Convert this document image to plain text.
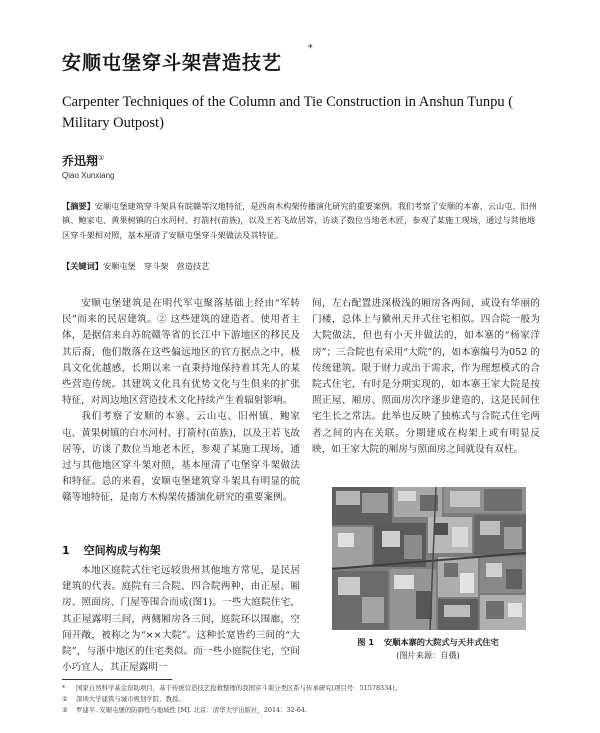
安顺屯堡穿斗架营造技艺
*
Carpenter Techniques of the Column and Tie Construction in Anshun Tunpu ( Military Outpost)
乔迅翔①
Qiao Xunxiang
【摘要】安顺屯堡建筑穿斗架具有皖赣等汉地特征，是西南木构架传播演化研究的重要案例。我们考察了安顺的本寨、云山屯、旧州镇、鲍家屯、黄果树镇的白水河村、打箭村(苗族)，以及王若飞故居等，访谈了数位当地老木匠，参观了某施工现场，通过与其他地区穿斗架相对照，基本厘清了安顺屯堡穿斗架做法及其特征。
【关键词】安顺屯堡　穿斗架　营造技艺

安顺屯堡建筑是在明代军屯聚落基础上经由“军转民”而来的民居建筑。② 这些建筑的建造者、使用者主体，是据信来自苏皖赣等省的长江中下游地区的移民及其后裔，他们散落在这些偏远地区的官方据点之中，极具文化优越感，长期以来一直秉持地保持着其先人的某些营造传统。其建筑文化具有优势文化与生俱来的扩张特征，对周边地区营造技术文化持续产生着辐射影响。

我们考察了安顺的本寨、云山屯、旧州镇、鲍家屯、黄果树镇的白水河村、打箭村(苗族)，以及王若飞故居等，访谈了数位当地老木匠，参观了某施工现场，通过与其他地区穿斗架对照，基本厘清了屯堡穿斗架做法和特征。总的来看，安顺屯堡建筑穿斗架具有明显的皖赣等地特征，是南方木构架传播演化研究的重要案例。

1 空间构成与构架

本地区庭院式住宅远较贵州其他地方常见，是民居建筑的代表。庭院有三合院、四合院两种，由正屋、厢房、照面房、门屋等围合而成(图1)。一些大庭院住宅，其正屋露明三间，两侧厢房各三间，庭院环以围廊，空间开敞，被称之为“××大院”。这种长宽皆约三间的“大院”，与浙中地区的住宅类似。而一些小庭院住宅，空间小巧宜人，其正屋露明一

间，左右配置进深极浅的厢房各两间，或设有华丽的门楼，总体上与徽州天井式住宅相似。四合院一般为大院做法，但也有小天井做法的，如本寨的“杨家洋房”；三合院也有采用“大院”的，如本寨编号为052 的传统建筑。限于财力或出于需求，作为理想模式的合院式住宅，有时是分期实现的，如本寨王家大院是按照正屋、厢房、照面房次序逐步建造的，这是民间住宅生长之常法。此举也反映了独栋式与合院式住宅两者之间的内在关联。分期建成在构架上或有明显反映，如王家大院的厢房与照面房之间就设有双柱。

图 1 安顺本寨的大院式与天井式住宅
(图片来源：自摄)
* 国家自然科学基金资助项目，基于传统营造技艺抢救整理的我国穿斗架分类区系与传承研究(项目号：51578334)。
① 深圳大学建筑与城市规划学院，教授。
② 罗建平. 安顺屯堡的防御性与地域性 [M]. 北京：清华大学出版社，2014：32-64.
